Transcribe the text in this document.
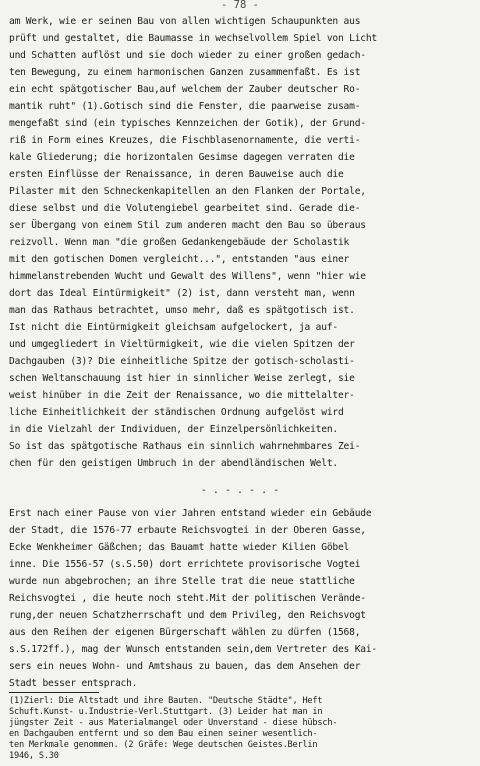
- 78 -

am Werk, wie er seinen Bau von allen wichtigen Schaupunkten aus

prüft und gestaltet, die Baumasse in wechselvollem Spiel von Licht

und Schatten auflöst und sie doch wieder zu einer großen gedach-

ten Bewegung, zu einem harmonischen Ganzen zusammenfaßt. Es ist

ein echt spätgotischer Bau,auf welchem der Zauber deutscher Ro-

mantik ruht" (1).Gotisch sind die Fenster, die paarweise zusam-

mengefaßt sind (ein typisches Kennzeichen der Gotik), der Grund-

riß in Form eines Kreuzes, die Fischblasenornamente, die verti-

kale Gliederung; die horizontalen Gesimse dagegen verraten die

ersten Einflüsse der Renaissance, in deren Bauweise auch die

Pilaster mit den Schneckenkapitellen an den Flanken der Portale,

diese selbst und die Volutengiebel gearbeitet sind. Gerade die-

ser Übergang von einem Stil zum anderen macht den Bau so überaus

reizvoll. Wenn man "die großen Gedankengebäude der Scholastik

mit den gotischen Domen vergleicht...", entstanden "aus einer

himmelanstrebenden Wucht und Gewalt des Willens", wenn "hier wie

dort das Ideal Eintürmigkeit" (2) ist, dann versteht man, wenn

man das Rathaus betrachtet, umso mehr, daß es spätgotisch ist.

Ist nicht die Eintürmigkeit gleichsam aufgelockert, ja auf-

und umgegliedert in Vieltürmigkeit, wie die vielen Spitzen der

Dachgauben (3)? Die einheitliche Spitze der gotisch-scholasti-

schen Weltanschauung ist hier in sinnlicher Weise zerlegt, sie

weist hinüber in die Zeit der Renaissance, wo die mittelalter-

liche Einheitlichkeit der ständischen Ordnung aufgelöst wird

in die Vielzahl der Individuen, der Einzelpersönlichkeiten.

So ist das spätgotische Rathaus ein sinnlich wahrnehmbares Zei-

chen für den geistigen Umbruch in der abendländischen Welt.

- . - . - . -

Erst nach einer Pause von vier Jahren entstand wieder ein Gebäude

der Stadt, die 1576-77 erbaute Reichsvogtei in der Oberen Gasse,

Ecke Wenkheimer Gäßchen; das Bauamt hatte wieder Kilien Göbel

inne. Die 1556-57 (s.S.50) dort errichtete provisorische Vogtei

wurde nun abgebrochen; an ihre Stelle trat die neue stattliche

Reichsvogtei , die heute noch steht.Mit der politischen Verände-

rung,der neuen Schatzherrschaft und dem Privileg, den Reichsvogt

aus den Reihen der eigenen Bürgerschaft wählen zu dürfen (1568,

s.S.172ff.), mag der Wunsch entstanden sein,dem Vertreter des Kai-

sers ein neues Wohn- und Amtshaus zu bauen, das dem Ansehen der

Stadt besser entsprach.

(1)Zierl: Die Altstadt und ihre Bauten. "Deutsche Städte", Heft

Schuft.Kunst- u.Industrie-Verl.Stuttgart. (3) Leider hat man in

jüngster Zeit - aus Materialmangel oder Unverstand - diese hübsch-

en Dachgauben entfernt und so dem Bau einen seiner wesentlich-

ten Merkmale genommen. (2 Gräfe: Wege deutschen Geistes.Berlin

1946, S.30
